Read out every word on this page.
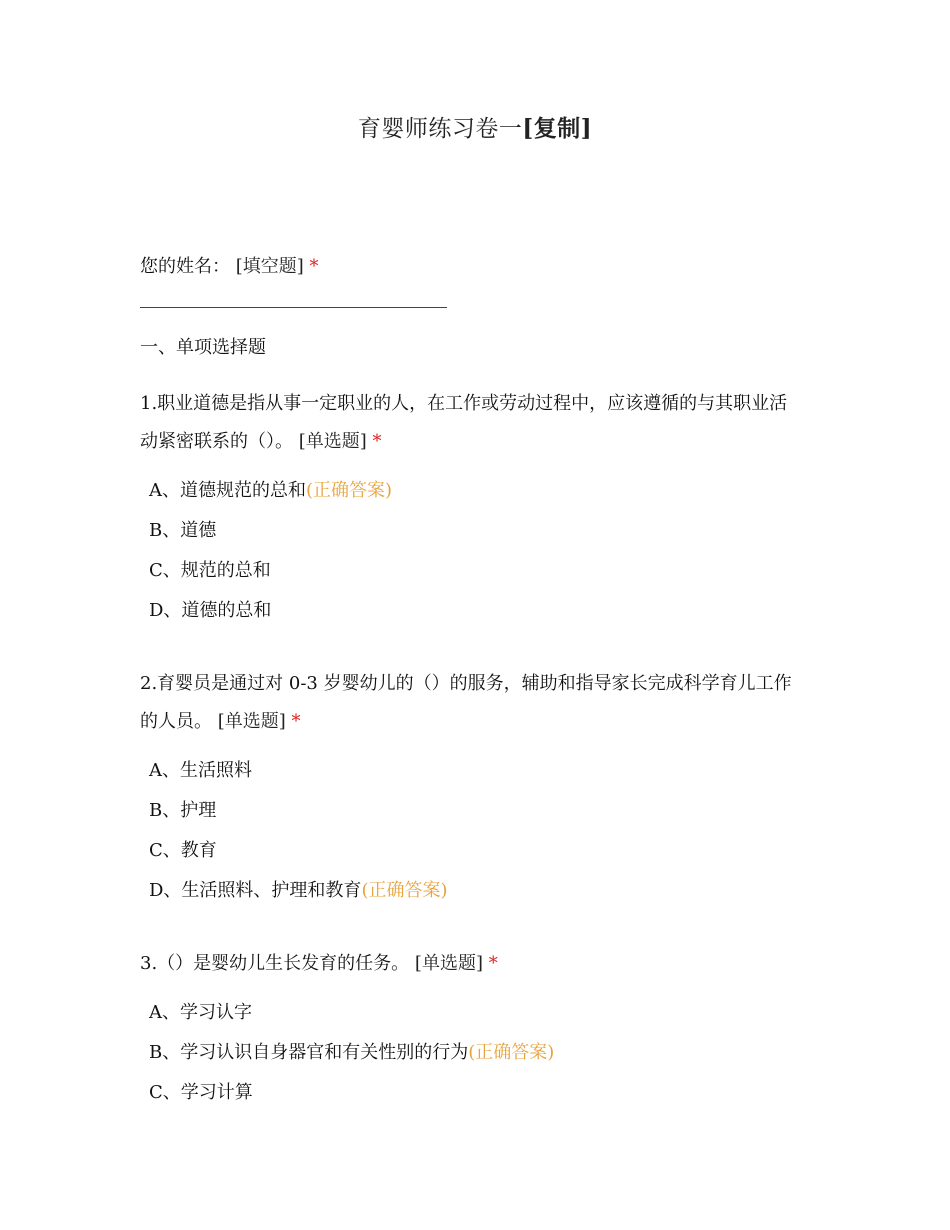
育婴师练习卷一[复制]
您的姓名： [填空题] *
一、单项选择题
1.职业道德是指从事一定职业的人，在工作或劳动过程中，应该遵循的与其职业活
动紧密联系的（）。 [单选题] *
A、道德规范的总和(正确答案)
B、道德
C、规范的总和
D、道德的总和
2.育婴员是通过对 0-3 岁婴幼儿的（）的服务，辅助和指导家长完成科学育儿工作
的人员。 [单选题] *
A、生活照料
B、护理
C、教育
D、生活照料、护理和教育(正确答案)
3.（）是婴幼儿生长发育的任务。 [单选题] *
A、学习认字
B、学习认识自身器官和有关性别的行为(正确答案)
C、学习计算
